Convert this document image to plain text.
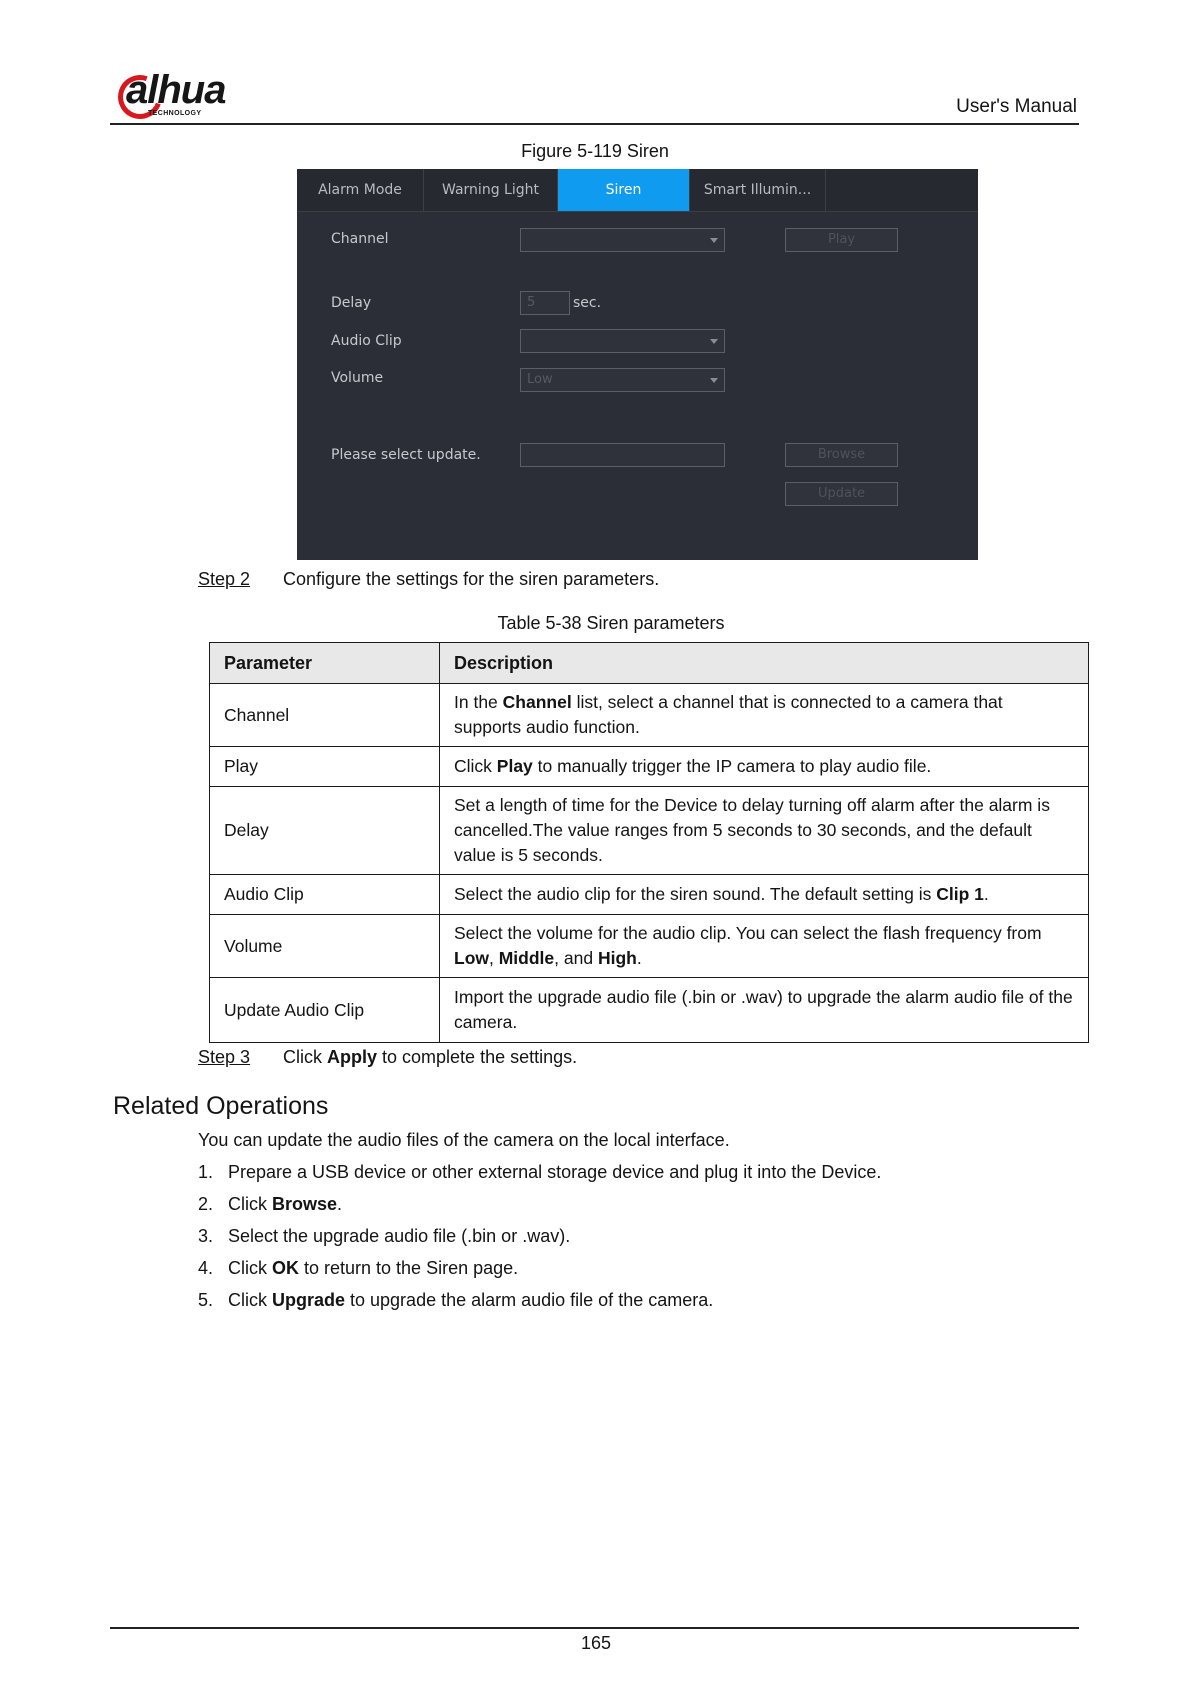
alhua
TECHNOLOGY	User's Manual
Figure 5-119 Siren
Alarm Mode	Warning Light	Siren	Smart Illumin...
Channel	Play
Delay	5	sec.
Audio Clip
Volume	Low
Please select update.	Browse
Update
Step 2 Configure the settings for the siren parameters.
Table 5-38 Siren parameters
Parameter	Description
Channel	In the Channel list, select a channel that is connected to a camera that supports audio function.
Play	Click Play to manually trigger the IP camera to play audio file.
Delay	Set a length of time for the Device to delay turning off alarm after the alarm is cancelled.The value ranges from 5 seconds to 30 seconds, and the default value is 5 seconds.
Audio Clip	Select the audio clip for the siren sound. The default setting is Clip 1.
Volume	Select the volume for the audio clip. You can select the flash frequency from Low, Middle, and High.
Update Audio Clip	Import the upgrade audio file (.bin or .wav) to upgrade the alarm audio file of the camera.
Step 3 Click Apply to complete the settings.
Related Operations
You can update the audio files of the camera on the local interface.
1. Prepare a USB device or other external storage device and plug it into the Device.
2. Click Browse.
3. Select the upgrade audio file (.bin or .wav).
4. Click OK to return to the Siren page.
5. Click Upgrade to upgrade the alarm audio file of the camera.
165
